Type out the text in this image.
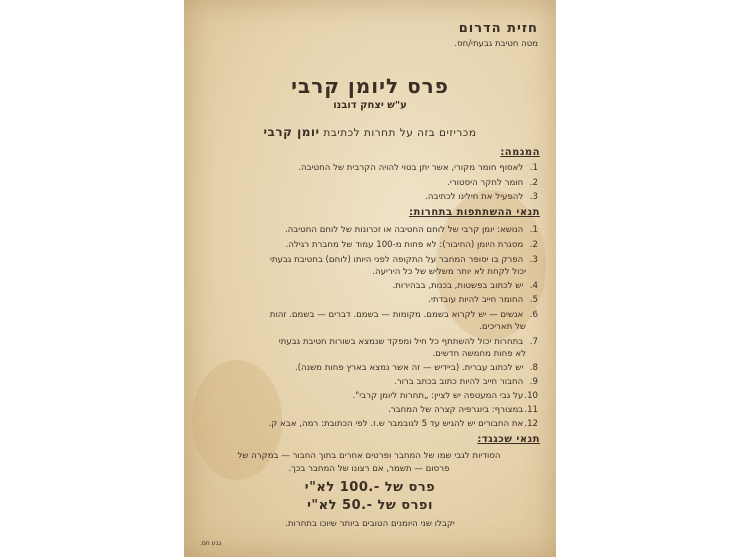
חזית הדרום
מטה חטיבת גבעתי/חס.
פרס ליומן קרבי
ע"ש יצחק דובנו
מכריזים בזה על תחרות לכתיבת יומן קרבי
המגמה:
1. לאסוף חומר מקורי, אשר יתן בטוי להויה הקרבית של החטיבה.
2. חומר לחקר היסטורי.
3. להפעיל את חילינו לכתיבה.
תנאי ההשתתפות בתחרות:
1. הנושא: יומן קרבי של לוחם החטיבה או זכרונות של לוחם החטיבה.
2. מסגרת היומן (החיבור): לא פחות מ-100 עמוד של מחברת רגילה.
3. הפרק בו יסופר המחבר על התקופה לפני היותו (לוחם) בחטיבת גבעתי
יכול לקחת לא יותר משליש של כל היריעה.
4. יש לכתוב בפשטות, בכנות, בבהירות.
5. החומר חייב להיות עובדתי.
6. אנשים — יש לקרוא בשמם. מקומות — בשמם. דברים — בשמם. זהות
של תאריכים.
7. בתחרות יכול להשתתף כל חיל ומפקד שנמצא בשורות חטיבת גבעתי
לא פחות מחמשה חדשים.
8. יש לכתוב עברית. (ביידיש — זה אשר נמצא בארץ פחות משנה).
9. החבור חייב להיות כתוב בכתב ברור.
10. על גבי המעטפה יש לציין: „תחרות ליומן קרבי".
11. במצורף: ביוגרפיה קצרה של המחבר.
12. את החבורים יש להגיש עד 5 לנובמבר ש.ז. לפי הכתובת: רמה, אבא ק.
תנאי שכגגד:
הסודיות לגבי שמו של המחבר ופרטים אחרים בתוך החבור — במקרה של
פרסום — תשמר, אם רצונו של המחבר בכך.
פרס של -.100 לא"י
ופרס של -.50 לא"י
יקבלו שני היומנים הטובים ביותר שיוכו בתחרות.
גבע חס.
